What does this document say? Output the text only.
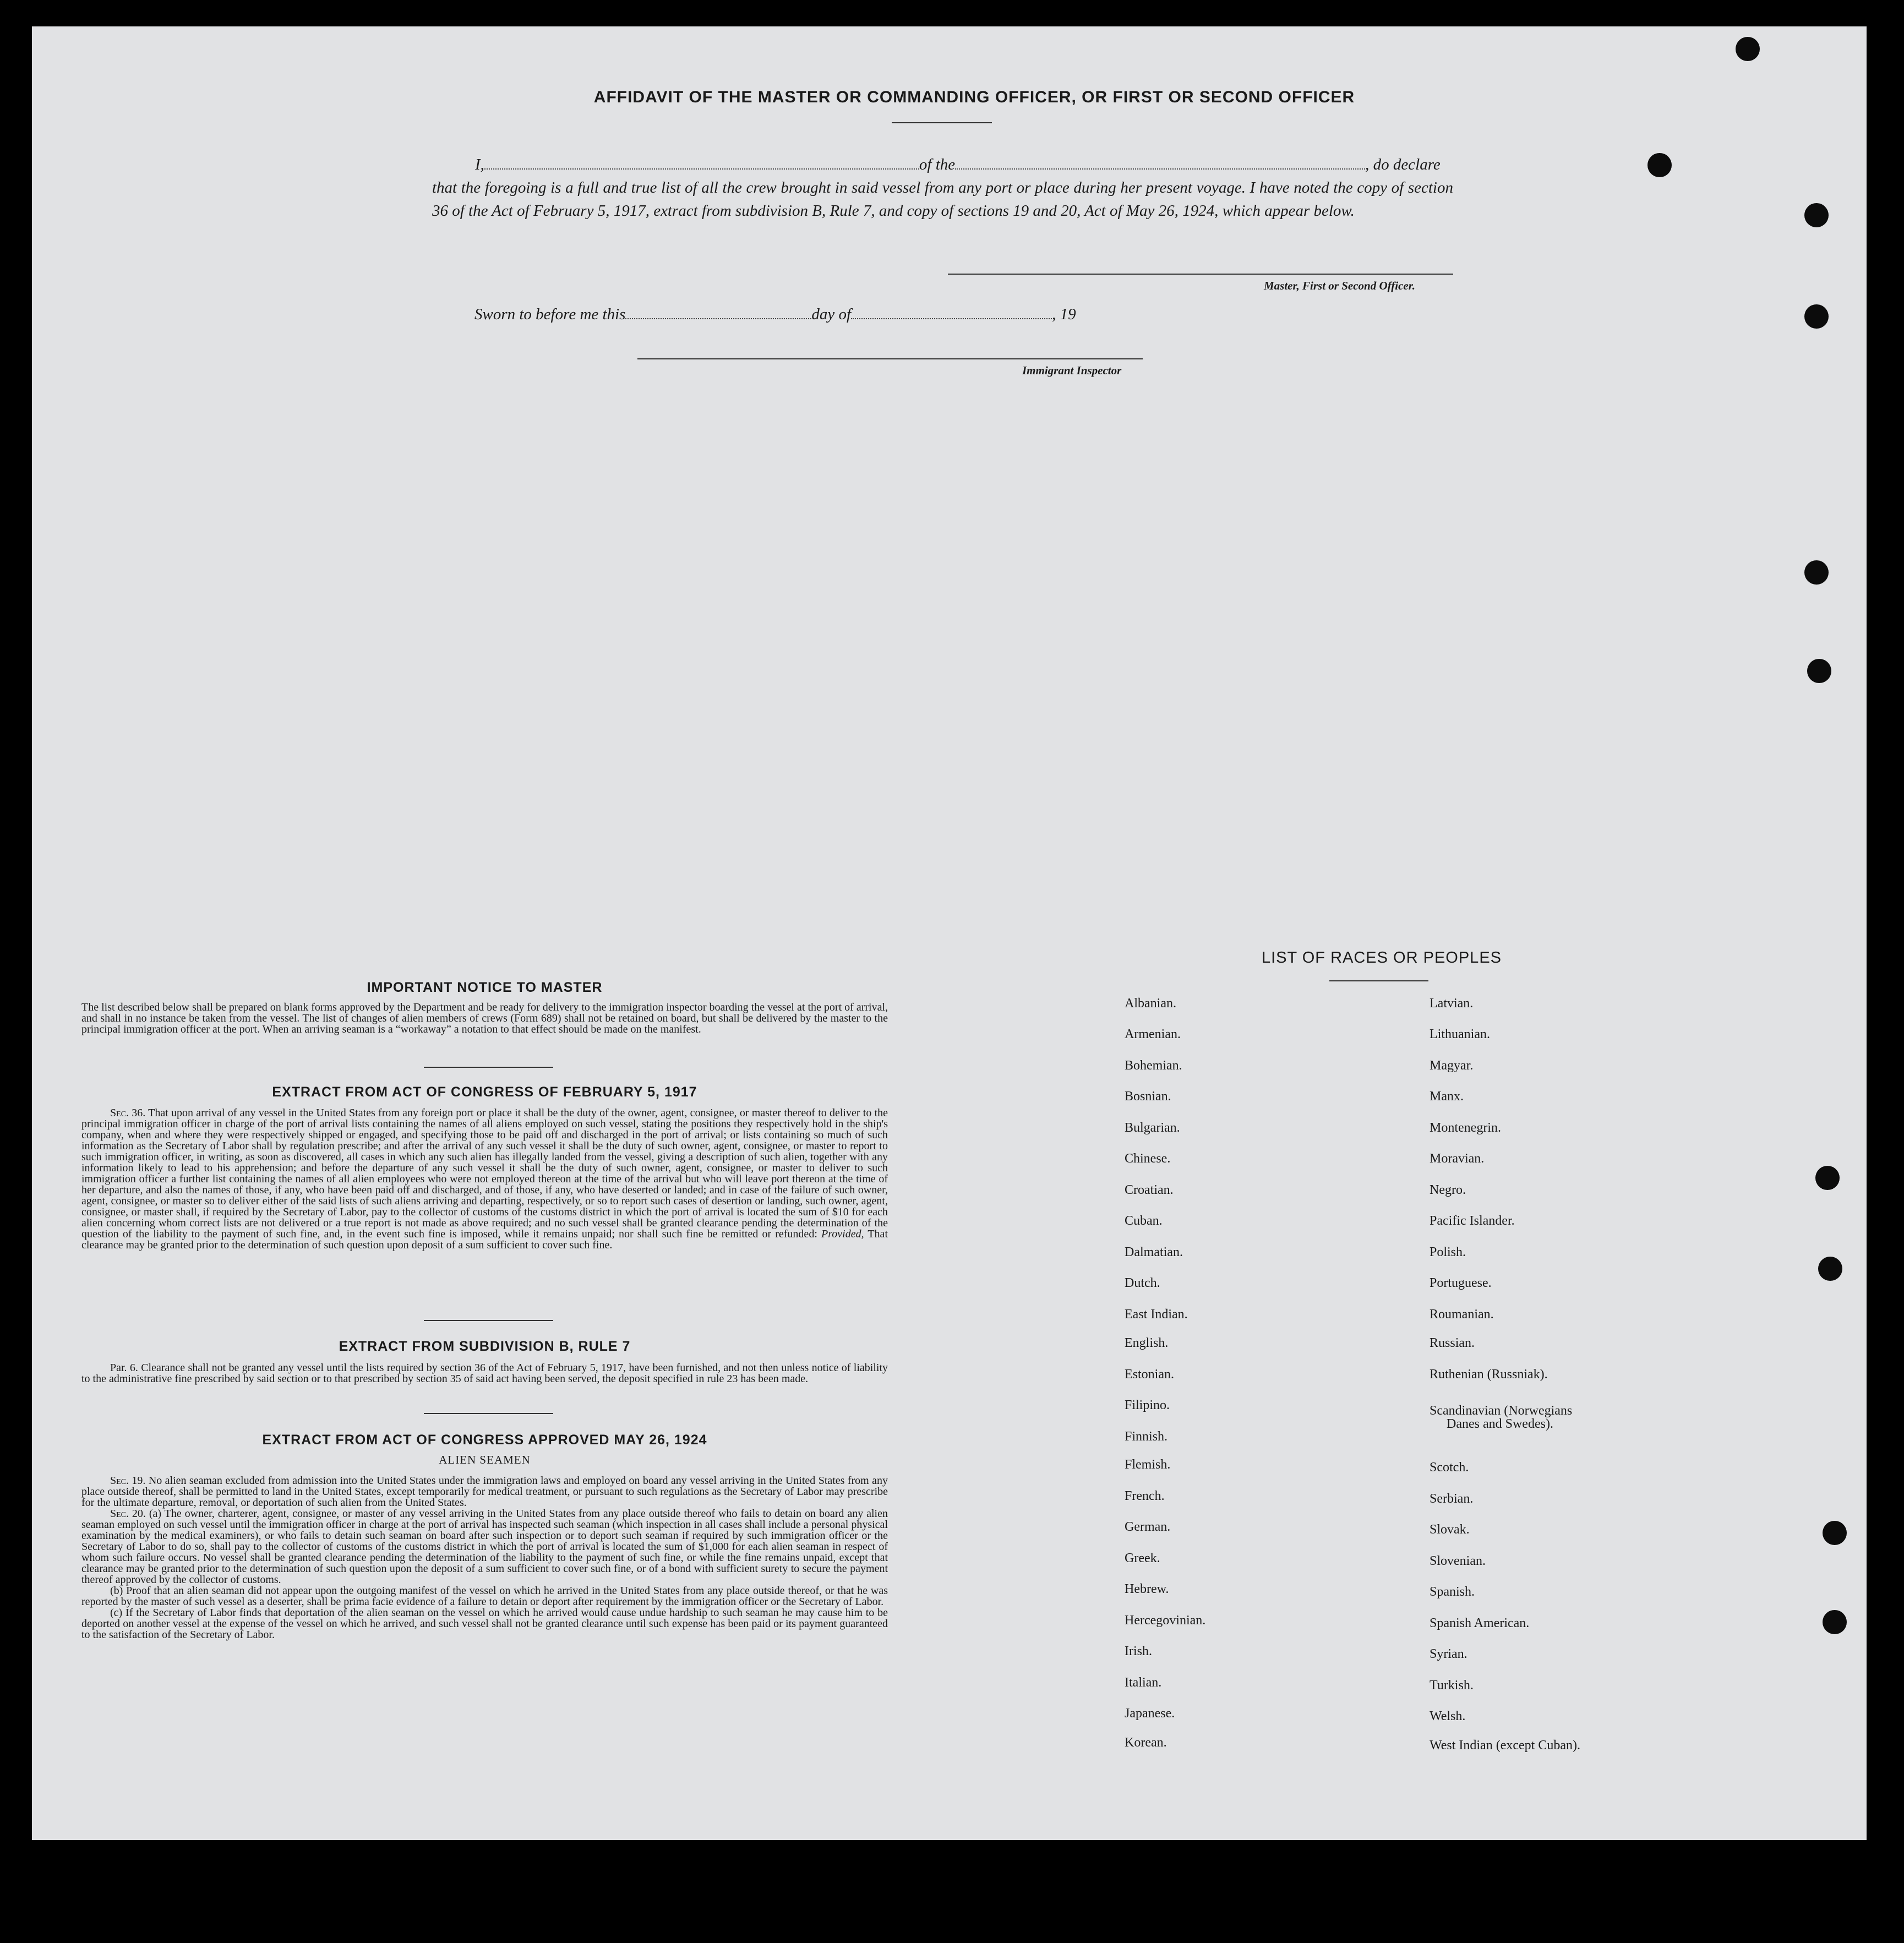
AFFIDAVIT OF THE MASTER OR COMMANDING OFFICER, OR FIRST OR SECOND OFFICER
I,	of the	, do declare
that the foregoing is a full and true list of all the crew brought in said vessel from any port or place during her present voyage. I have noted the copy of section 36 of the Act of February 5, 1917, extract from subdivision B, Rule 7, and copy of sections 19 and 20, Act of May 26, 1924, which appear below.
Master, First or Second Officer.
Sworn to before me this	day of	, 19
Immigrant Inspector
IMPORTANT NOTICE TO MASTER
The list described below shall be prepared on blank forms approved by the Department and be ready for delivery to the immigration inspector boarding the vessel at the port of arrival, and shall in no instance be taken from the vessel. The list of changes of alien members of crews (Form 689) shall not be retained on board, but shall be delivered by the master to the principal immigration officer at the port. When an arriving seaman is a “workaway” a notation to that effect should be made on the manifest.
EXTRACT FROM ACT OF CONGRESS OF FEBRUARY 5, 1917
Sec. 36. That upon arrival of any vessel in the United States from any foreign port or place it shall be the duty of the owner, agent, consignee, or master thereof to deliver to the principal immigration officer in charge of the port of arrival lists containing the names of all aliens employed on such vessel, stating the positions they respectively hold in the ship's company, when and where they were respectively shipped or engaged, and specifying those to be paid off and discharged in the port of arrival; or lists containing so much of such information as the Secretary of Labor shall by regulation prescribe; and after the arrival of any such vessel it shall be the duty of such owner, agent, consignee, or master to report to such immigration officer, in writing, as soon as discovered, all cases in which any such alien has illegally landed from the vessel, giving a description of such alien, together with any information likely to lead to his apprehension; and before the departure of any such vessel it shall be the duty of such owner, agent, consignee, or master to deliver to such immigration officer a further list containing the names of all alien employees who were not employed thereon at the time of the arrival but who will leave port thereon at the time of her departure, and also the names of those, if any, who have been paid off and discharged, and of those, if any, who have deserted or landed; and in case of the failure of such owner, agent, consignee, or master so to deliver either of the said lists of such aliens arriving and departing, respectively, or so to report such cases of desertion or landing, such owner, agent, consignee, or master shall, if required by the Secretary of Labor, pay to the collector of customs of the customs district in which the port of arrival is located the sum of $10 for each alien concerning whom correct lists are not delivered or a true report is not made as above required; and no such vessel shall be granted clearance pending the determination of the question of the liability to the payment of such fine, and, in the event such fine is imposed, while it remains unpaid; nor shall such fine be remitted or refunded: Provided, That clearance may be granted prior to the determination of such question upon deposit of a sum sufficient to cover such fine.
EXTRACT FROM SUBDIVISION B, RULE 7
Par. 6. Clearance shall not be granted any vessel until the lists required by section 36 of the Act of February 5, 1917, have been furnished, and not then unless notice of liability to the administrative fine prescribed by said section or to that prescribed by section 35 of said act having been served, the deposit specified in rule 23 has been made.
EXTRACT FROM ACT OF CONGRESS APPROVED MAY 26, 1924
ALIEN SEAMEN
Sec. 19. No alien seaman excluded from admission into the United States under the immigration laws and employed on board any vessel arriving in the United States from any place outside thereof, shall be permitted to land in the United States, except temporarily for medical treatment, or pursuant to such regulations as the Secretary of Labor may prescribe for the ultimate departure, removal, or deportation of such alien from the United States.
Sec. 20. (a) The owner, charterer, agent, consignee, or master of any vessel arriving in the United States from any place outside thereof who fails to detain on board any alien seaman employed on such vessel until the immigration officer in charge at the port of arrival has inspected such seaman (which inspection in all cases shall include a personal physical examination by the medical examiners), or who fails to detain such seaman on board after such inspection or to deport such seaman if required by such immigration officer or the Secretary of Labor to do so, shall pay to the collector of customs of the customs district in which the port of arrival is located the sum of $1,000 for each alien seaman in respect of whom such failure occurs. No vessel shall be granted clearance pending the determination of the liability to the payment of such fine, or while the fine remains unpaid, except that clearance may be granted prior to the determination of such question upon the deposit of a sum sufficient to cover such fine, or of a bond with sufficient surety to secure the payment thereof approved by the collector of customs.
(b) Proof that an alien seaman did not appear upon the outgoing manifest of the vessel on which he arrived in the United States from any place outside thereof, or that he was reported by the master of such vessel as a deserter, shall be prima facie evidence of a failure to detain or deport after requirement by the immigration officer or the Secretary of Labor.
(c) If the Secretary of Labor finds that deportation of the alien seaman on the vessel on which he arrived would cause undue hardship to such seaman he may cause him to be deported on another vessel at the expense of the vessel on which he arrived, and such vessel shall not be granted clearance until such expense has been paid or its payment guaranteed to the satisfaction of the Secretary of Labor.
LIST OF RACES OR PEOPLES
Albanian.
Armenian.
Bohemian.
Bosnian.
Bulgarian.
Chinese.
Croatian.
Cuban.
Dalmatian.
Dutch.
East Indian.
English.
Estonian.
Filipino.
Finnish.
Flemish.
French.
German.
Greek.
Hebrew.
Hercegovinian.
Irish.
Italian.
Japanese.
Korean.
Latvian.
Lithuanian.
Magyar.
Manx.
Montenegrin.
Moravian.
Negro.
Pacific Islander.
Polish.
Portuguese.
Roumanian.
Russian.
Ruthenian (Russniak).
Scandinavian (Norwegians
Danes and Swedes).
Scotch.
Serbian.
Slovak.
Slovenian.
Spanish.
Spanish American.
Syrian.
Turkish.
Welsh.
West Indian (except Cuban).
